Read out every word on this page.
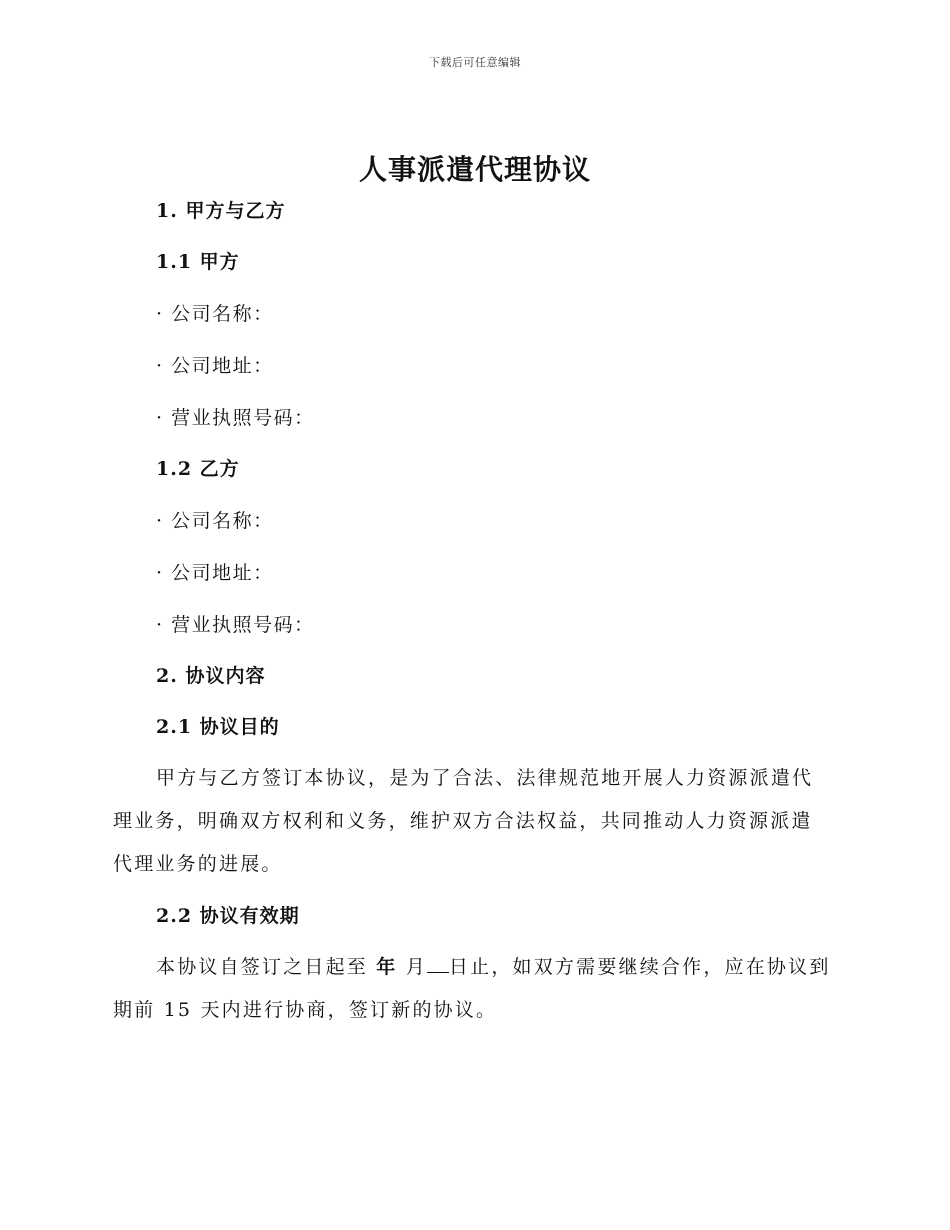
下载后可任意编辑
人事派遣代理协议
1. 甲方与乙方
1.1 甲方
· 公司名称：
· 公司地址：
· 营业执照号码：
1.2 乙方
· 公司名称：
· 公司地址：
· 营业执照号码：
2. 协议内容
2.1 协议目的

甲方与乙方签订本协议，是为了合法、法律规范地开展人力资源派遣代理业务，明确双方权利和义务，维护双方合法权益，共同推动人力资源派遣代理业务的进展。

2.2 协议有效期

本协议自签订之日起至 年 月 日止，如双方需要继续合作，应在协议到期前 15 天内进行协商，签订新的协议。
